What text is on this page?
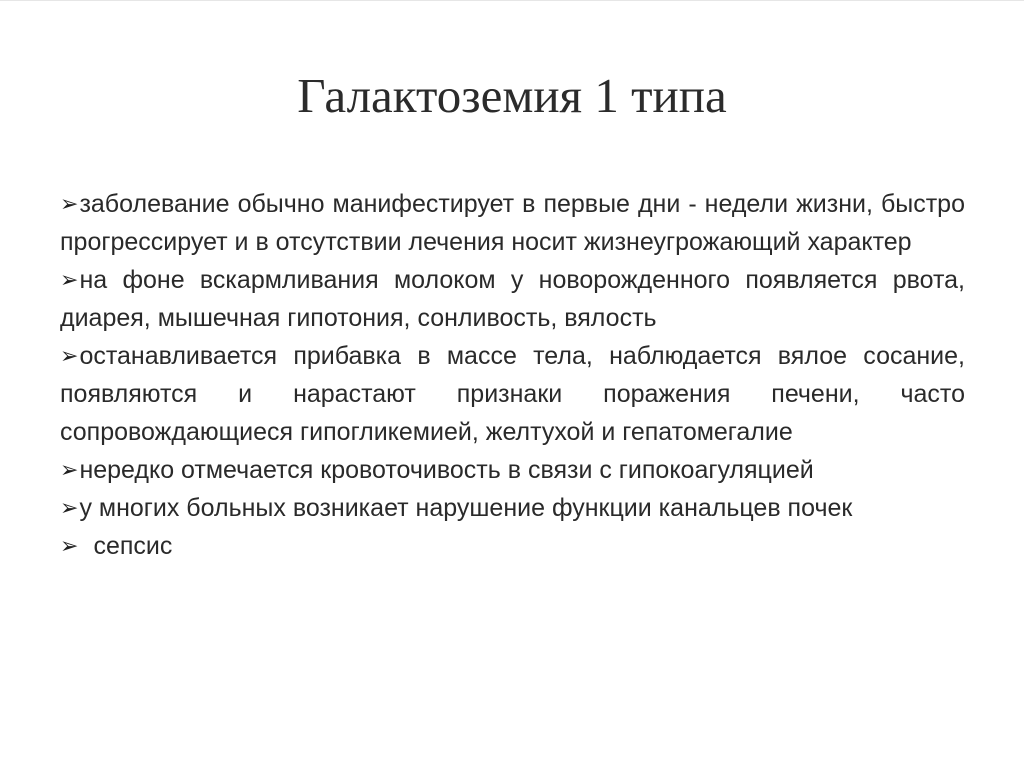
Галактоземия 1 типа
➢заболевание обычно манифестирует в первые дни - недели жизни, быстро прогрессирует и в отсутствии лечения носит жизнеугрожающий характер
➢на фоне вскармливания молоком у новорожденного появляется рвота, диарея, мышечная гипотония, сонливость, вялость
➢останавливается прибавка в массе тела, наблюдается вялое сосание, появляются и нарастают признаки поражения печени, часто сопровождающиеся гипогликемией, желтухой и гепатомегалие
➢нередко отмечается кровоточивость в связи с гипокоагуляцией
➢у многих больных возникает нарушение функции канальцев почек
➢ сепсис
